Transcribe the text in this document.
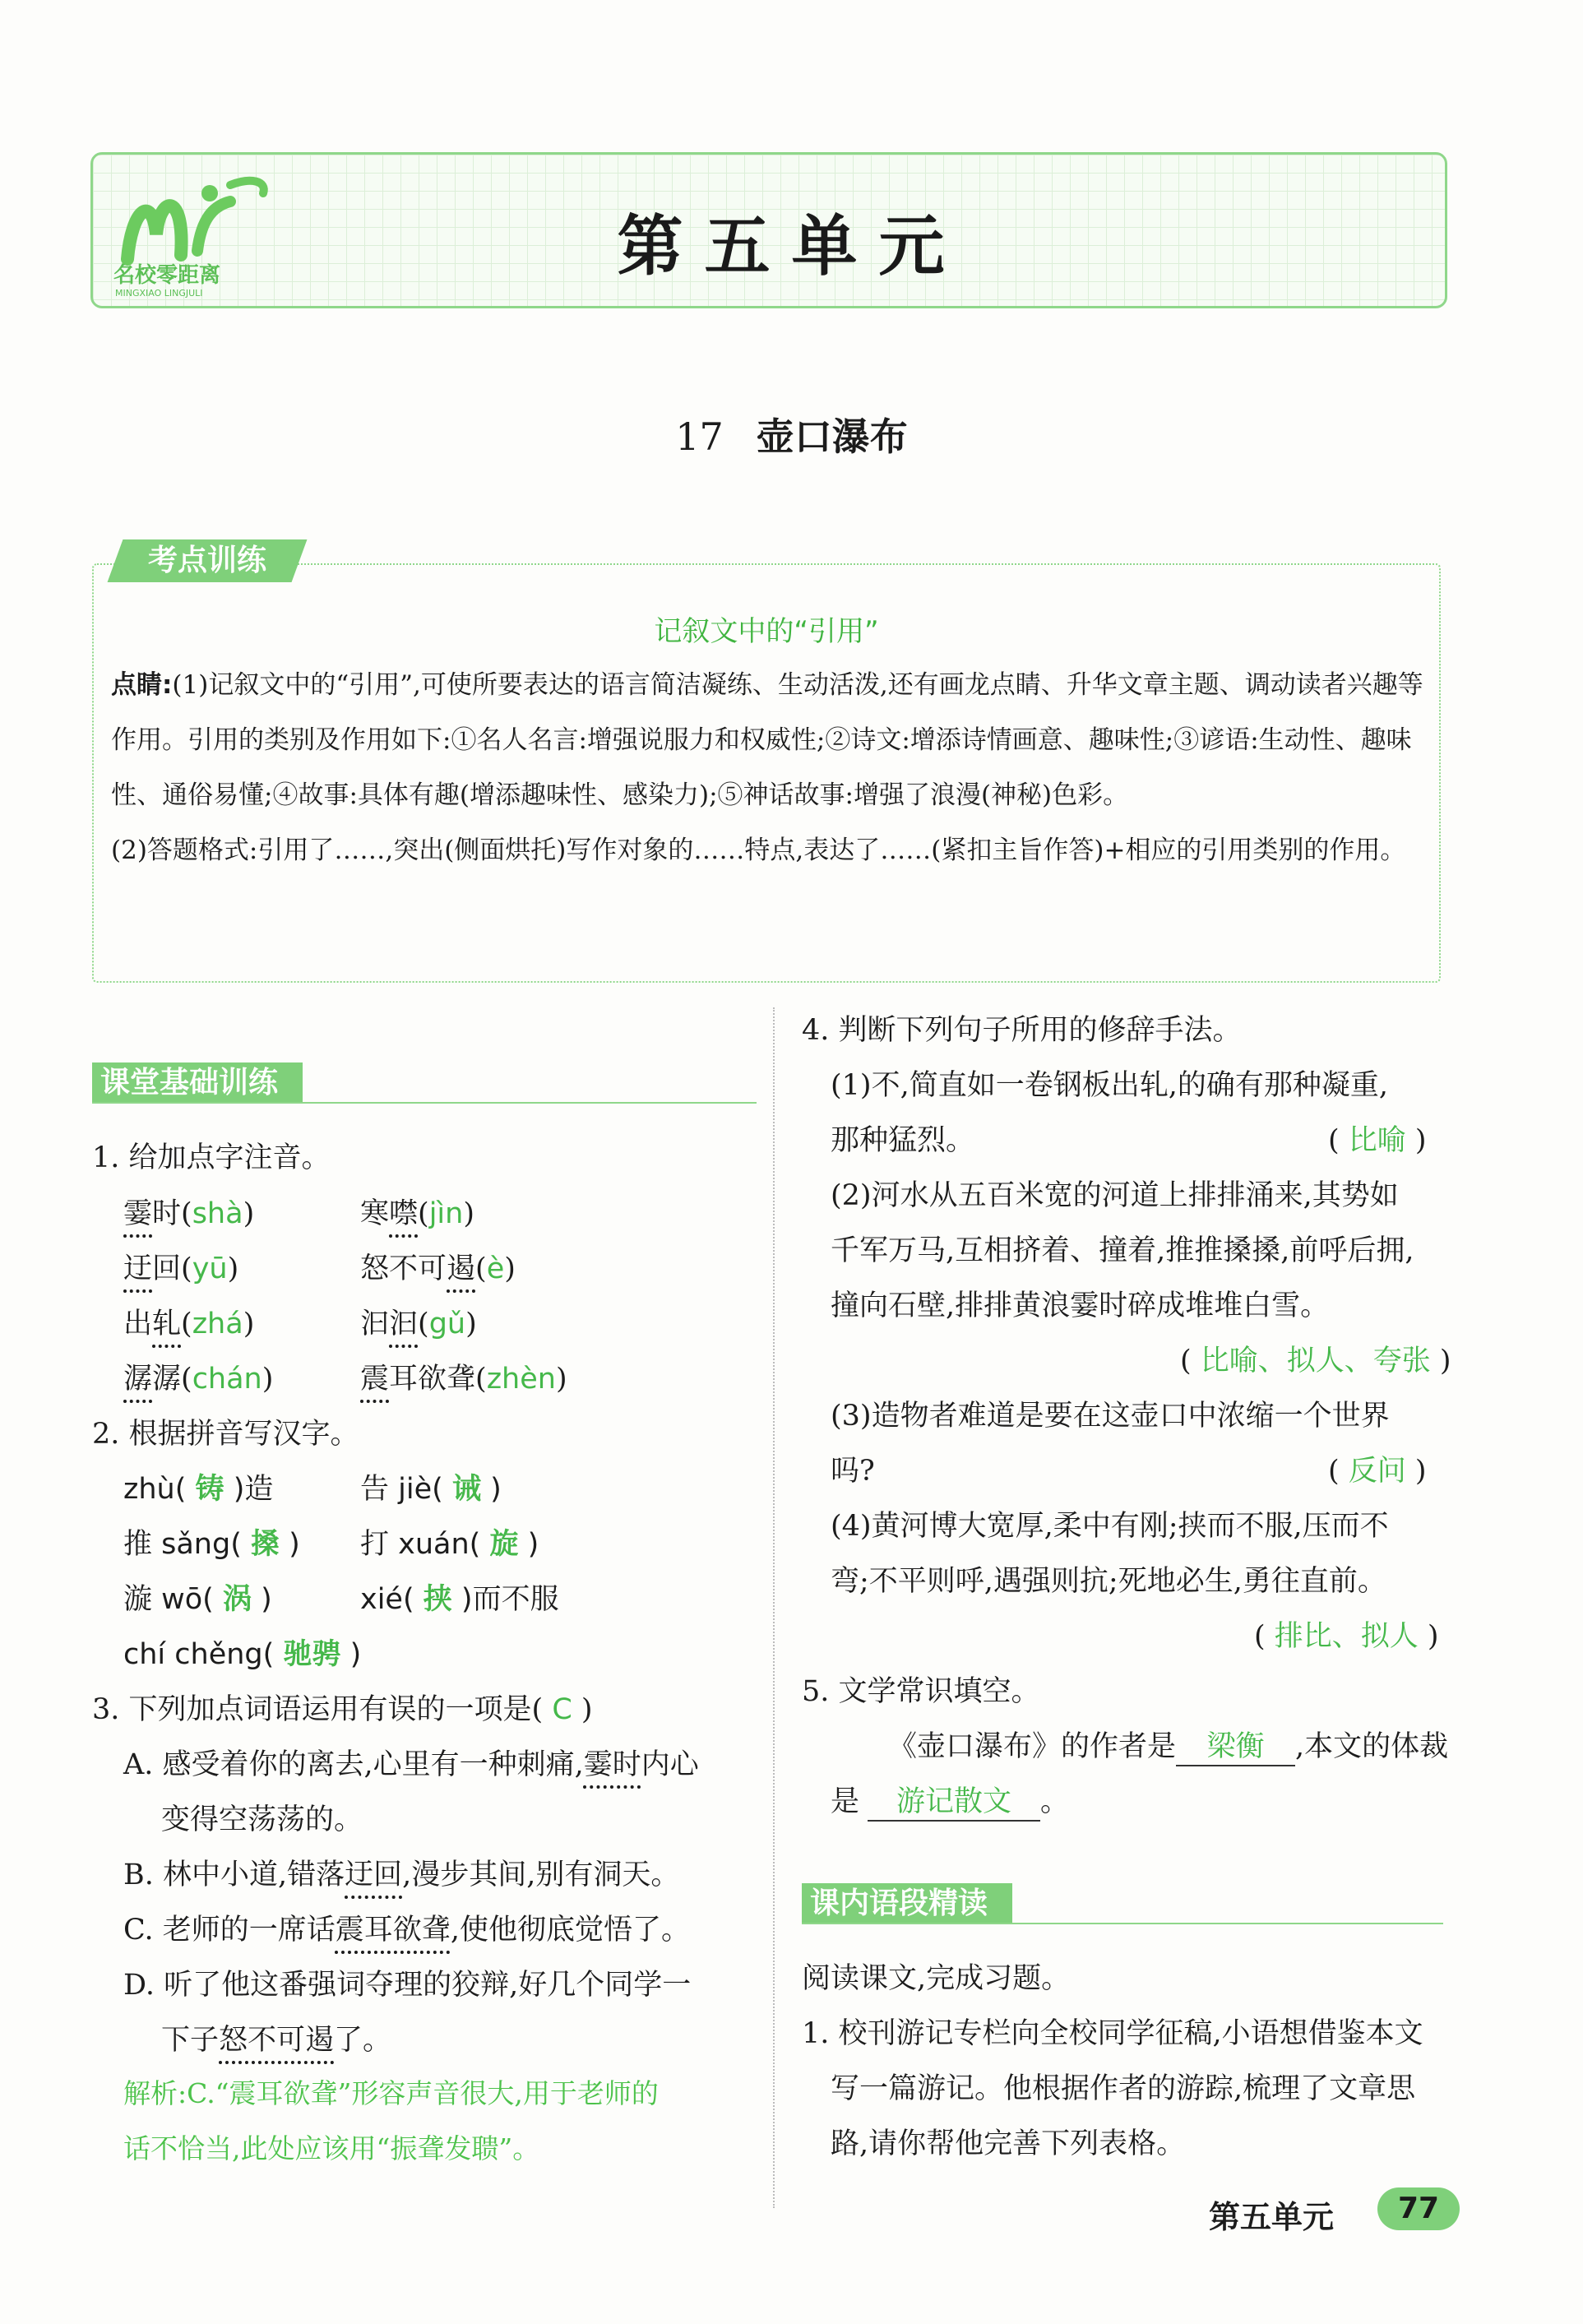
名校零距离
MINGXIAO LINGJULI
第五单元
17 壶口瀑布
考点训练
记叙文中的“引用”
点睛:(1)记叙文中的“引用”,可使所要表达的语言简洁凝练、生动活泼,还有画龙点睛、升华文章主题、调动读者兴趣等作用。引用的类别及作用如下:①名人名言:增强说服力和权威性;②诗文:增添诗情画意、趣味性;③谚语:生动性、趣味性、通俗易懂;④故事:具体有趣(增添趣味性、感染力);⑤神话故事:增强了浪漫(神秘)色彩。
(2)答题格式:引用了……,突出(侧面烘托)写作对象的……特点,表达了……(紧扣主旨作答)+相应的引用类别的作用。
课堂基础训练
1. 给加点字注音。
霎时(shà)	寒噤(jìn)
迂回(yū)	怒不可遏(è)
出轧(zhá)	汩汩(gǔ)
潺潺(chán)	震耳欲聋(zhèn)
2. 根据拼音写汉字。
zhù( 铸 )造	告 jiè( 诫 )
推 sǎng( 搡 ) 打 xuán( 旋 )
漩 wō( 涡 )	xié( 挟 )而不服
chí chěng( 驰骋 )
3. 下列加点词语运用有误的一项是( C )
A. 感受着你的离去,心里有一种刺痛,霎时内心
变得空荡荡的。
B. 林中小道,错落迂回,漫步其间,别有洞天。
C. 老师的一席话震耳欲聋,使他彻底觉悟了。
D. 听了他这番强词夺理的狡辩,好几个同学一
下子怒不可遏了。
解析:C.“震耳欲聋”形容声音很大,用于老师的
话不恰当,此处应该用“振聋发聩”。
4. 判断下列句子所用的修辞手法。
(1)不,简直如一卷钢板出轧,的确有那种凝重,
那种猛烈。	( 比喻 )
(2)河水从五百米宽的河道上排排涌来,其势如
千军万马,互相挤着、撞着,推推搡搡,前呼后拥,
撞向石壁,排排黄浪霎时碎成堆堆白雪。
( 比喻、拟人、夸张 )
(3)造物者难道是要在这壶口中浓缩一个世界
吗?	( 反问 )
(4)黄河博大宽厚,柔中有刚;挟而不服,压而不
弯;不平则呼,遇强则抗;死地必生,勇往直前。
( 排比、拟人 )
5. 文学常识填空。
《壶口瀑布》的作者是 梁衡 ,本文的体裁
是 游记散文 。
课内语段精读
阅读课文,完成习题。
1. 校刊游记专栏向全校同学征稿,小语想借鉴本文
写一篇游记。他根据作者的游踪,梳理了文章思
路,请你帮他完善下列表格。
第五单元	77
